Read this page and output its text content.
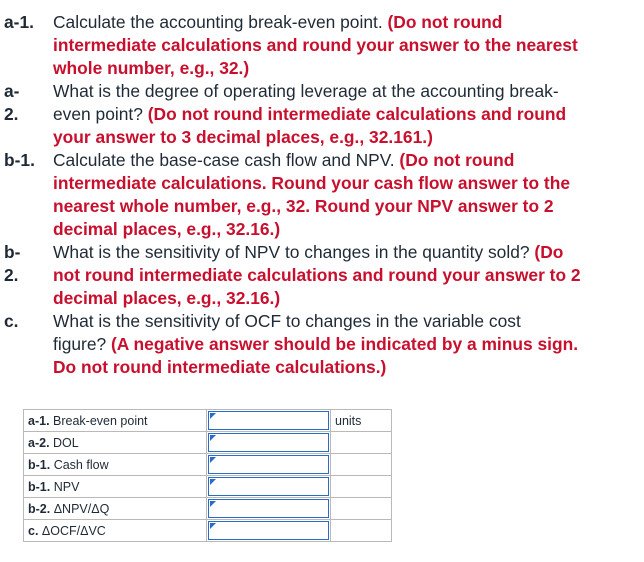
a-1. Calculate the accounting break-even point. (Do not round
intermediate calculations and round your answer to the nearest
whole number, e.g., 32.)
a-
2.
What is the degree of operating leverage at the accounting break-
even point? (Do not round intermediate calculations and round
your answer to 3 decimal places, e.g., 32.161.)
b-1. Calculate the base-case cash flow and NPV. (Do not round
intermediate calculations. Round your cash flow answer to the
nearest whole number, e.g., 32. Round your NPV answer to 2
decimal places, e.g., 32.16.)
b-
2.
What is the sensitivity of NPV to changes in the quantity sold? (Do
not round intermediate calculations and round your answer to 2
decimal places, e.g., 32.16.)
c. What is the sensitivity of OCF to changes in the variable cost
figure? (A negative answer should be indicated by a minus sign.
Do not round intermediate calculations.)
a-1. Break-even point		units
a-2. DOL	

b-1. Cash flow	

b-1. NPV	

b-2. ΔNPV/ΔQ	

c. ΔOCF/ΔVC	
